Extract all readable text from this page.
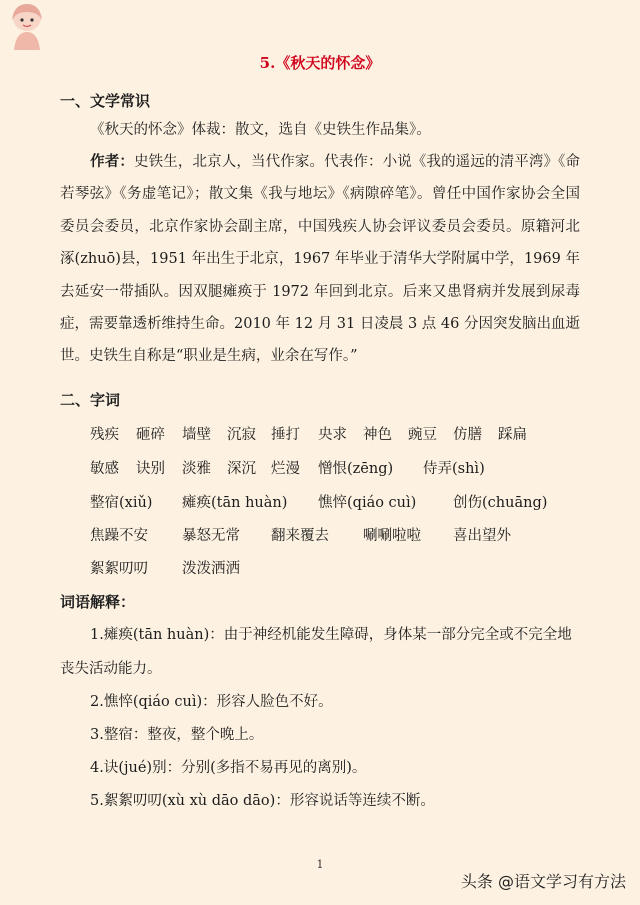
5.《秋天的怀念》
一、文学常识
《秋天的怀念》体裁：散文，选自《史铁生作品集》。
作者：史铁生，北京人，当代作家。代表作：小说《我的遥远的清平湾》《命若琴弦》《务虚笔记》；散文集《我与地坛》《病隙碎笔》。曾任中国作家协会全国委员会委员，北京作家协会副主席，中国残疾人协会评议委员会委员。原籍河北涿(zhuō)县，1951 年出生于北京，1967 年毕业于清华大学附属中学，1969 年去延安一带插队。因双腿瘫痪于 1972 年回到北京。后来又患肾病并发展到尿毒症，需要靠透析维持生命。2010 年 12 月 31 日凌晨 3 点 46 分因突发脑出血逝世。史铁生自称是“职业是生病，业余在写作。”
二、字词
残疾 砸碎 墙壁 沉寂 捶打 央求 神色 豌豆 仿膳 踩扁
敏感 诀别 淡雅 深沉 烂漫 憎恨(zēng) 侍弄(shì)
整宿(xiǔ) 瘫痪(tān huàn) 憔悴(qiáo cuì)	创伤(chuāng)
焦躁不安 暴怒无常 翻来覆去 唰唰啦啦 喜出望外
絮絮叨叨 泼泼洒洒
词语解释：
1.瘫痪(tān huàn)：由于神经机能发生障碍，身体某一部分完全或不完全地丧失活动能力。
2.憔悴(qiáo cuì)：形容人脸色不好。
3.整宿：整夜，整个晚上。
4.诀(jué)别：分别(多指不易再见的离别)。
5.絮絮叨叨(xù xù dāo dāo)：形容说话等连续不断。
1
头条 @语文学习有方法
